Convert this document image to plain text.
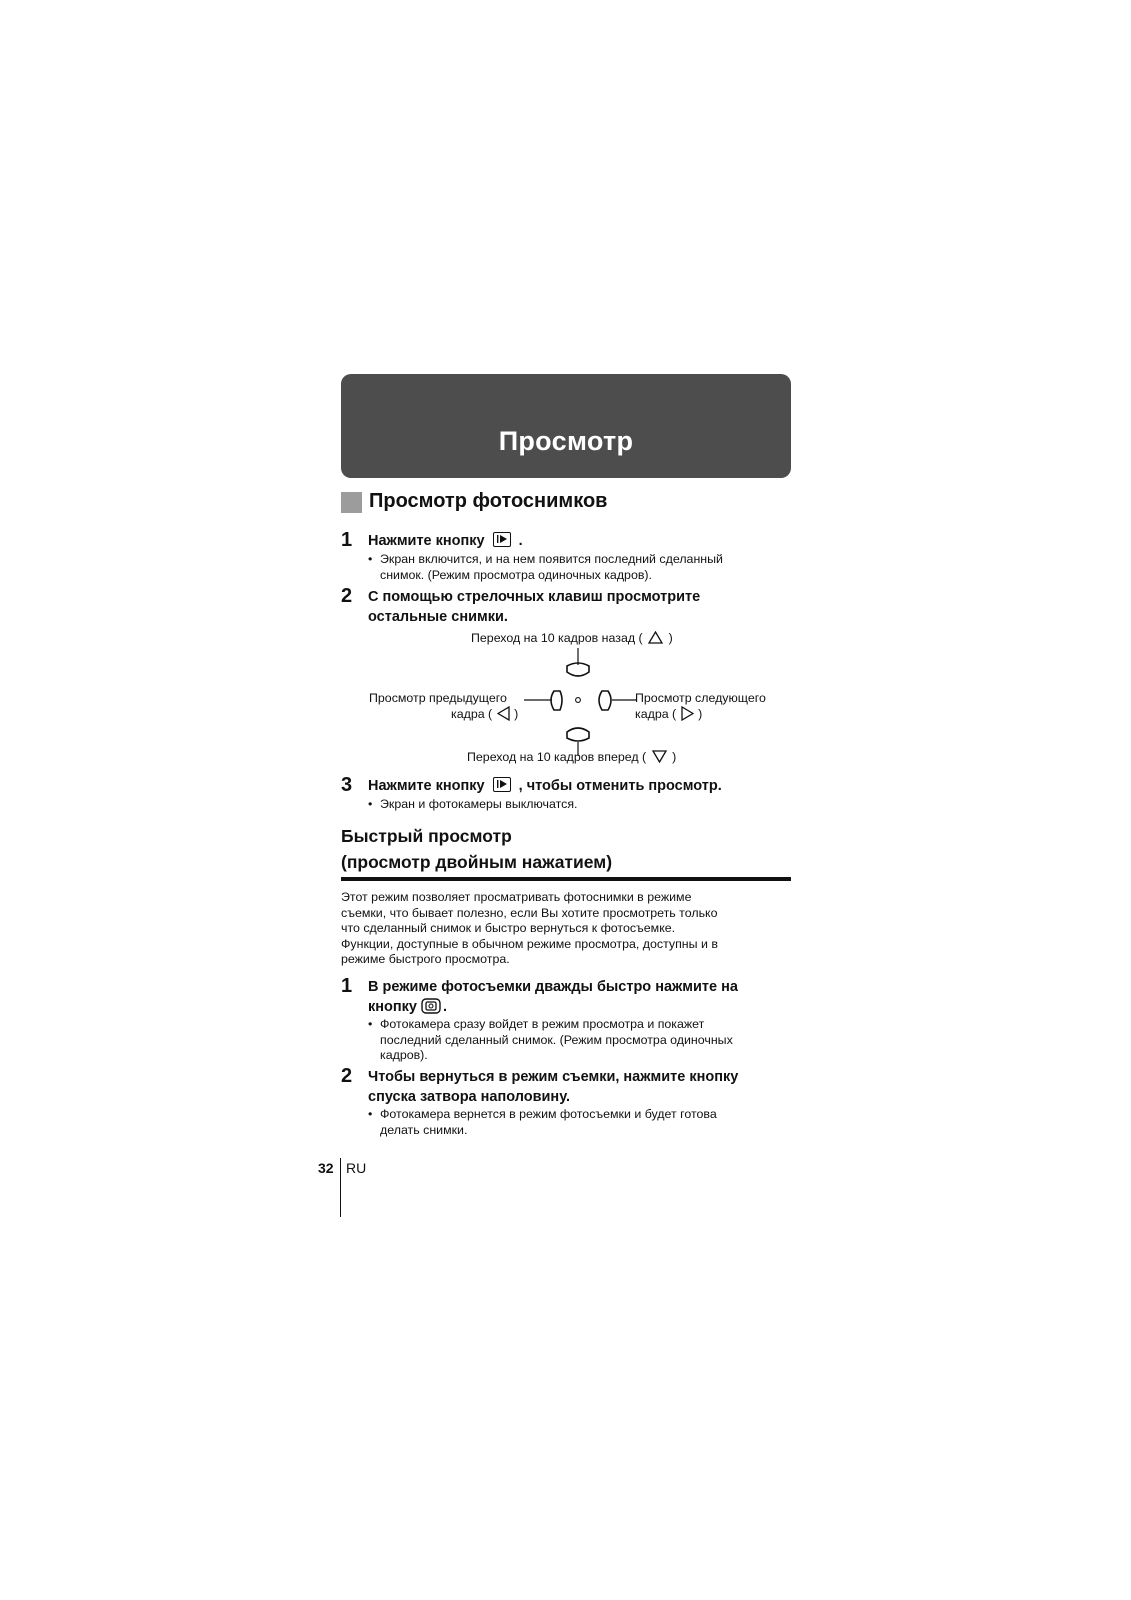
Просмотр
Просмотр фотоснимков
1 Нажмите кнопку .
• Экран включится, и на нем появится последний сделанный
снимок. (Режим просмотра одиночных кадров).
2 С помощью стрелочных клавиш просмотрите
остальные снимки.
Переход на 10 кадров назад ( )
Просмотр предыдущего
кадра ( )
Просмотр следующего
кадра ( )
Переход на 10 кадров вперед ( )
3 Нажмите кнопку , чтобы отменить просмотр.
• Экран и фотокамеры выключатся.
Быстрый просмотр
(просмотр двойным нажатием)
Этот режим позволяет просматривать фотоснимки в режиме
съемки, что бывает полезно, если Вы хотите просмотреть только
что сделанный снимок и быстро вернуться к фотосъемке.
Функции, доступные в обычном режиме просмотра, доступны и в
режиме быстрого просмотра.
1 В режиме фотосъемки дважды быстро нажмите на
кнопку .
• Фотокамера сразу войдет в режим просмотра и покажет
последний сделанный снимок. (Режим просмотра одиночных
кадров).
2 Чтобы вернуться в режим съемки, нажмите кнопку
спуска затвора наполовину.
• Фотокамера вернется в режим фотосъемки и будет готова
делать снимки.
32 RU
